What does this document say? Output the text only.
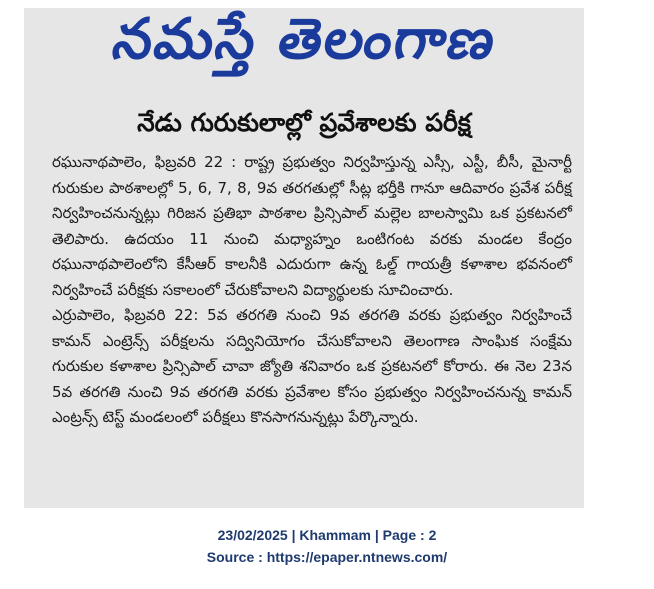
నమస్తే తెలంగాణ
నేడు గురుకులాల్లో ప్రవేశాలకు పరీక్ష

రఘునాథపాలెం, ఫిబ్రవరి 22 : రాష్ట్ర ప్రభుత్వం నిర్వహిస్తున్న ఎస్సీ, ఎస్టీ, బీసీ, మైనార్టీ గురుకుల పాఠశాలల్లో 5, 6, 7, 8, 9వ తరగతుల్లో సీట్ల భర్తీకి గానూ ఆదివారం ప్రవేశ పరీక్ష నిర్వహించనున్నట్లు గిరిజన ప్రతిభా పాఠశాల ప్రిన్సిపాల్ మల్లెల బాలస్వామి ఒక ప్రకటనలో తెలిపారు. ఉదయం 11 నుంచి మధ్యాహ్నం ఒంటిగంట వరకు మండల కేంద్రం రఘునాథపాలెంలోని కేసీఆర్ కాలనీకి ఎదురుగా ఉన్న ఓల్డ్ గాయత్రీ కళాశాల భవనంలో నిర్వహించే పరీక్షకు సకాలంలో చేరుకోవాలని విద్యార్థులకు సూచించారు.

ఎర్రుపాలెం, ఫిబ్రవరి 22: 5వ తరగతి నుంచి 9వ తరగతి వరకు ప్రభుత్వం నిర్వహించే కామన్ ఎంట్రెన్స్ పరీక్షలను సద్వినియోగం చేసుకోవాలని తెలంగాణ సాంఘిక సంక్షేమ గురుకుల కళాశాల ప్రిన్సిపాల్ చావా జ్యోతి శనివారం ఒక ప్రకటనలో కోరారు. ఈ నెల 23న 5వ తరగతి నుంచి 9వ తరగతి వరకు ప్రవేశాల కోసం ప్రభుత్వం నిర్వహించనున్న కామన్ ఎంట్రన్స్ టెస్ట్ మండలంలో పరీక్షలు కొనసాగనున్నట్లు పేర్కొన్నారు.

23/02/2025 | Khammam | Page : 2
Source : https://epaper.ntnews.com/
